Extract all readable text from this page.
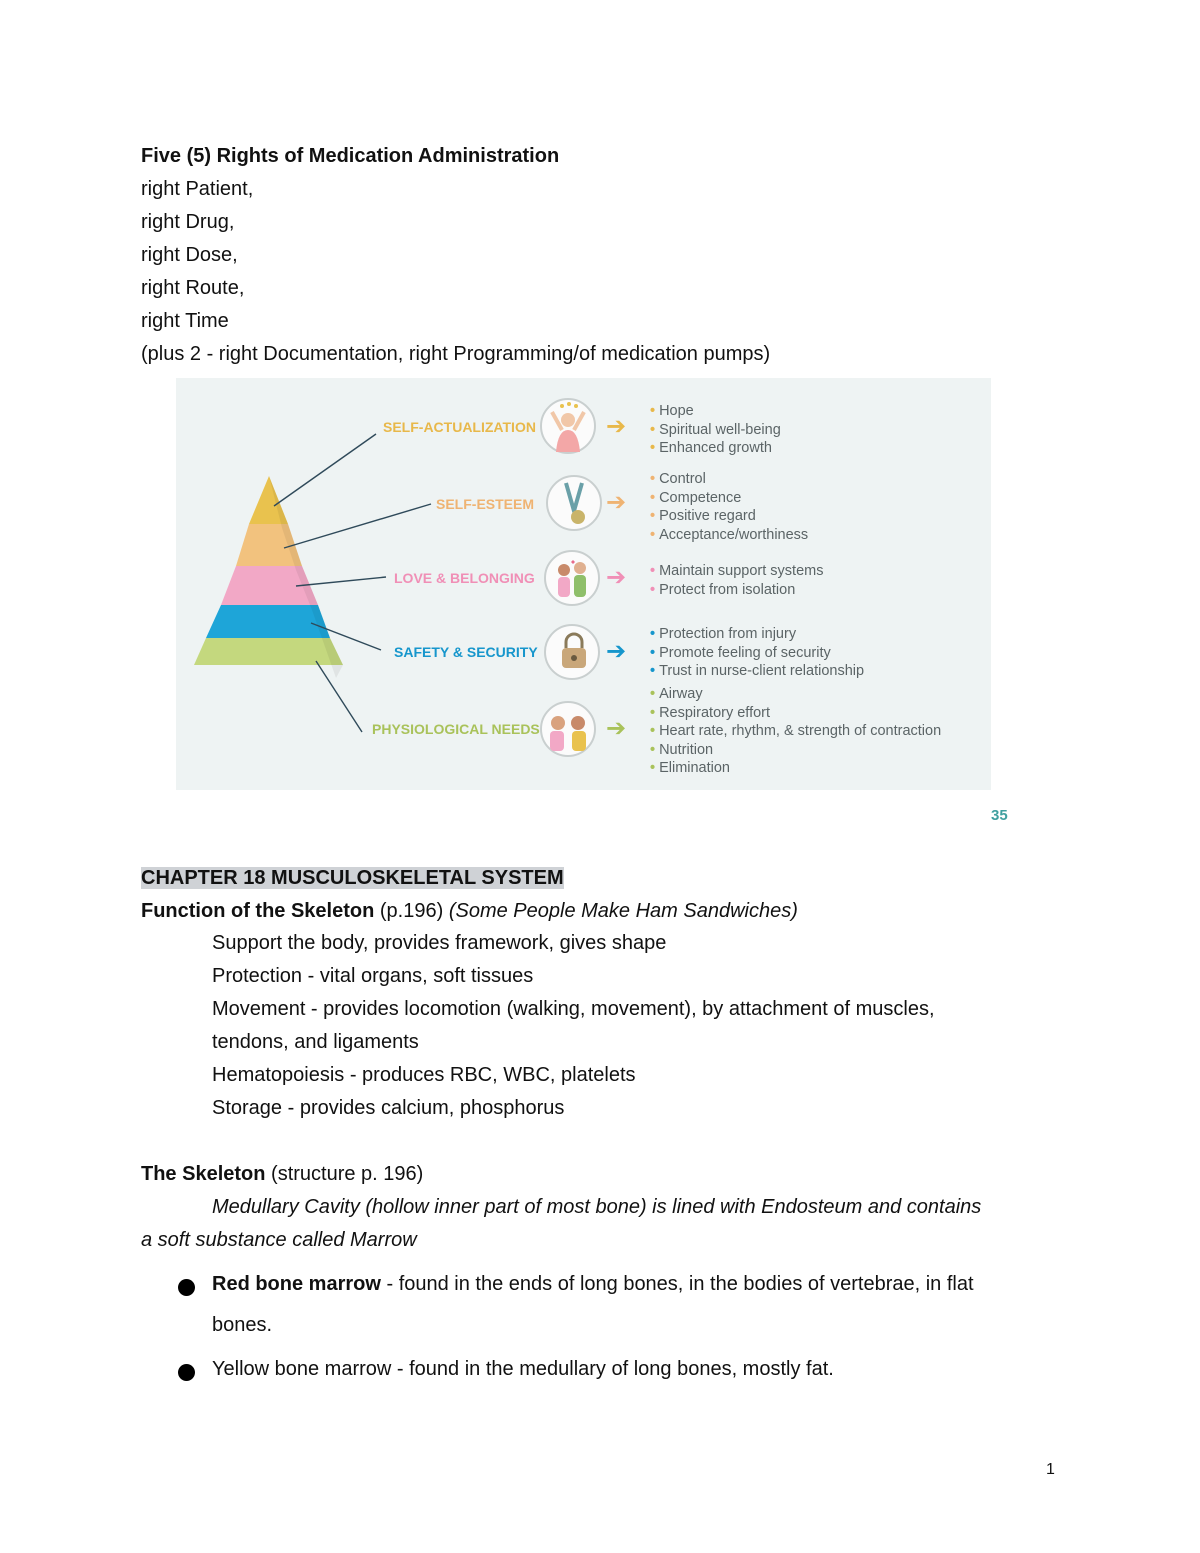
Five (5) Rights of Medication Administration
right Patient,
right Drug,
right Dose,
right Route,
right Time
(plus 2 - right Documentation, right Programming/of medication pumps)
SELF-ACTUALIZATION
SELF-ESTEEM
LOVE & BELONGING
SAFETY & SECURITY
PHYSIOLOGICAL NEEDS
➔
➔
➔
➔
➔
• Hope
• Spiritual well-being
• Enhanced growth
• Control
• Competence
• Positive regard
• Acceptance/worthiness
• Maintain support systems
• Protect from isolation
• Protection from injury
• Promote feeling of security
• Trust in nurse-client relationship
• Airway
• Respiratory effort
• Heart rate, rhythm, & strength of contraction
• Nutrition
• Elimination
35
CHAPTER 18 MUSCULOSKELETAL SYSTEM
Function of the Skeleton (p.196) (Some People Make Ham Sandwiches)
Support the body, provides framework, gives shape
Protection - vital organs, soft tissues
Movement - provides locomotion (walking, movement), by attachment of muscles,
tendons, and ligaments
Hematopoiesis - produces RBC, WBC, platelets
Storage - provides calcium, phosphorus
The Skeleton (structure p. 196)
Medullary Cavity (hollow inner part of most bone) is lined with Endosteum and contains
a soft substance called Marrow
Red bone marrow - found in the ends of long bones, in the bodies of vertebrae, in flat
bones.
Yellow bone marrow - found in the medullary of long bones, mostly fat.
1
